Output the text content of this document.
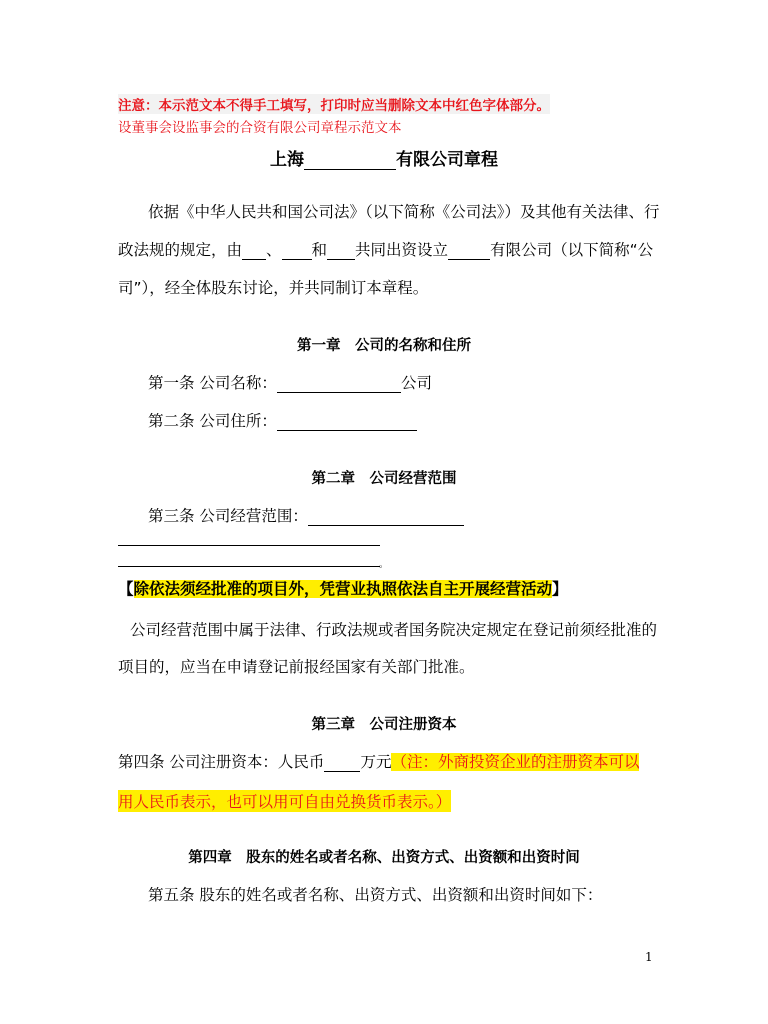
注意：本示范文本不得手工填写，打印时应当删除文本中红色字体部分。
设董事会设监事会的合资有限公司章程示范文本
上海	有限公司章程
依据《中华人民共和国公司法》（以下简称《公司法》）及其他有关法律、行
政法规的规定，由 、 和 共同出资设立	有限公司（以下简称“公
司”），经全体股东讨论，并共同制订本章程。
第一章　公司的名称和住所
第一条 公司名称：	公司
第二条 公司住所：
第二章　公司经营范围
第三条 公司经营范围：
。
【除依法须经批准的项目外，凭营业执照依法自主开展经营活动】
公司经营范围中属于法律、行政法规或者国务院决定规定在登记前须经批准的
项目的，应当在申请登记前报经国家有关部门批准。
第三章　公司注册资本
第四条 公司注册资本：人民币 万元（注：外商投资企业的注册资本可以
用人民币表示，也可以用可自由兑换货币表示。）
第四章　股东的姓名或者名称、出资方式、出资额和出资时间
第五条 股东的姓名或者名称、出资方式、出资额和出资时间如下：
1
